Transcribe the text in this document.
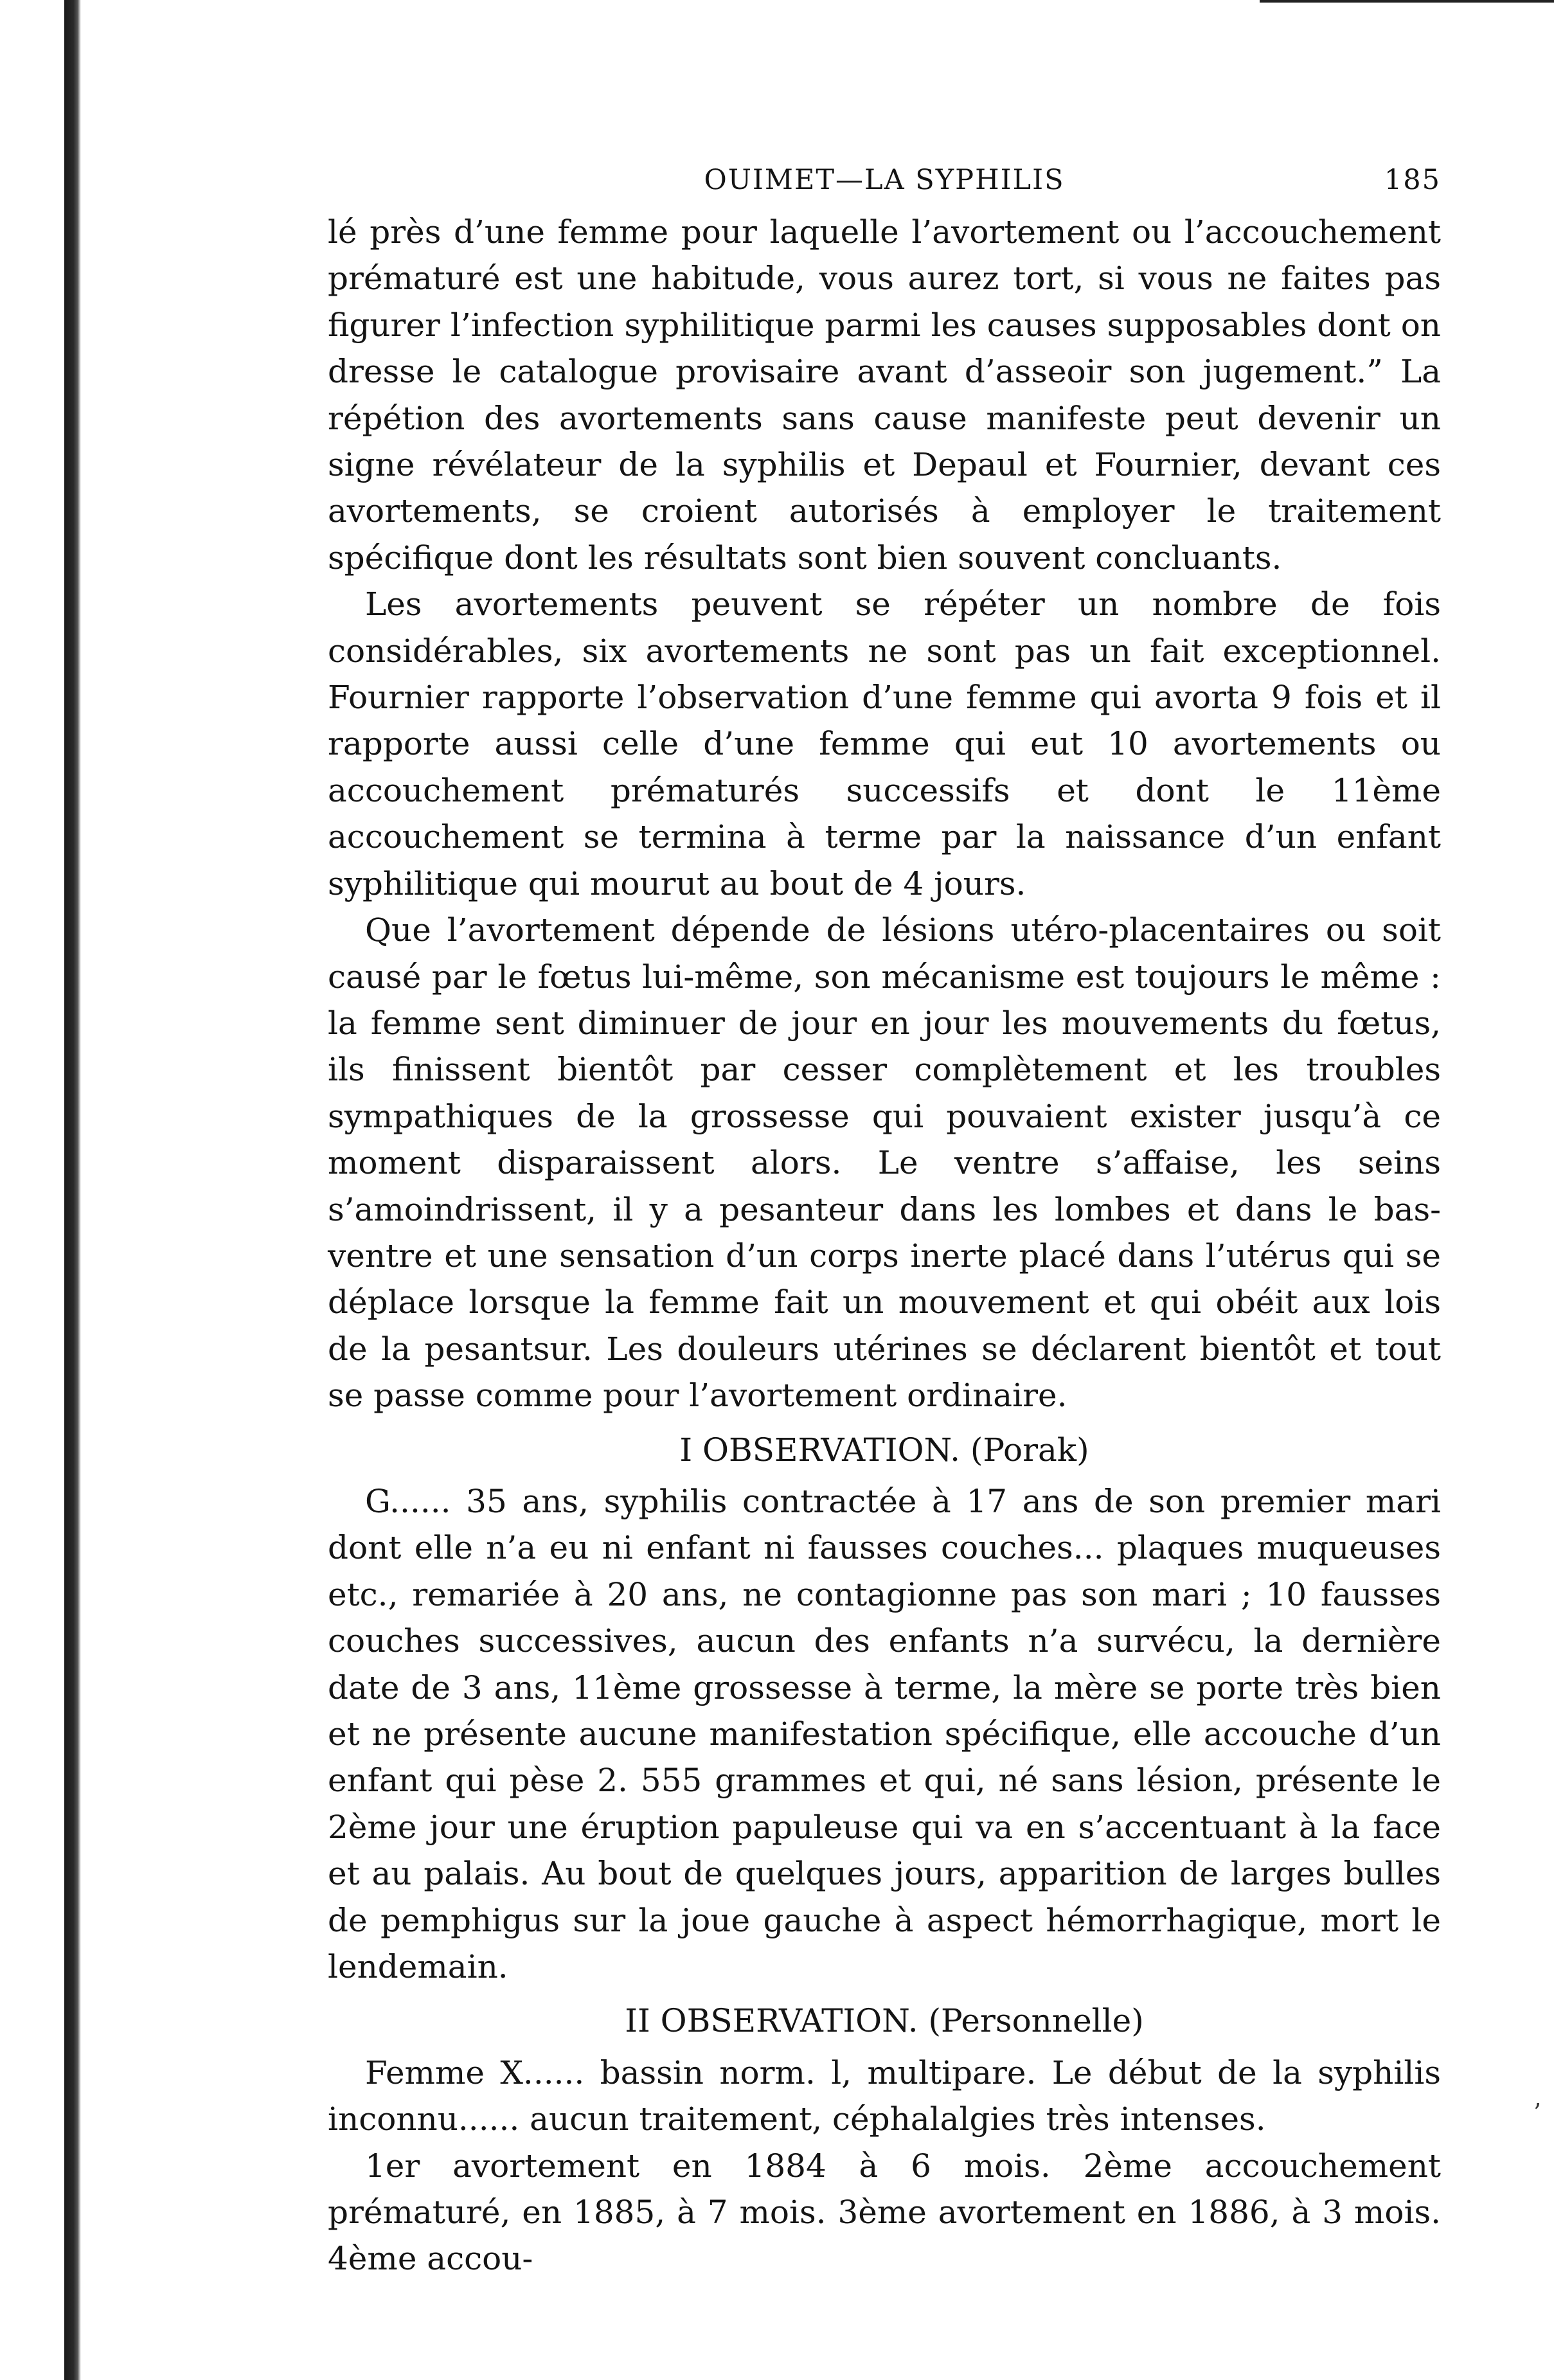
OUIMET—LA SYPHILIS	185

lé près d’une femme pour laquelle l’avortement ou l’accouchement prématuré est une habitude, vous aurez tort, si vous ne faites pas figurer l’infection syphilitique parmi les causes supposables dont on dresse le catalogue provisaire avant d’asseoir son jugement.” La répétion des avortements sans cause manifeste peut devenir un signe révélateur de la syphilis et Depaul et Fournier, devant ces avortements, se croient autorisés à employer le traitement spécifique dont les résultats sont bien souvent concluants.

Les avortements peuvent se répéter un nombre de fois considérables, six avortements ne sont pas un fait exceptionnel. Fournier rapporte l’observation d’une femme qui avorta 9 fois et il rapporte aussi celle d’une femme qui eut 10 avortements ou accouchement prématurés successifs et dont le 11ème accouchement se termina à terme par la naissance d’un enfant syphilitique qui mourut au bout de 4 jours.

Que l’avortement dépende de lésions utéro-placentaires ou soit causé par le fœtus lui-même, son mécanisme est toujours le même : la femme sent diminuer de jour en jour les mouvements du fœtus, ils finissent bientôt par cesser complètement et les troubles sympathiques de la grossesse qui pouvaient exister jusqu’à ce moment disparaissent alors. Le ventre s’affaise, les seins s’amoindrissent, il y a pesanteur dans les lombes et dans le bas-ventre et une sensation d’un corps inerte placé dans l’utérus qui se déplace lorsque la femme fait un mouvement et qui obéit aux lois de la pesantsur. Les douleurs utérines se déclarent bientôt et tout se passe comme pour l’avortement ordinaire.

I OBSERVATION. (Porak)

G...... 35 ans, syphilis contractée à 17 ans de son premier mari dont elle n’a eu ni enfant ni fausses couches... plaques muqueuses etc., remariée à 20 ans, ne contagionne pas son mari ; 10 fausses couches successives, aucun des enfants n’a survécu, la dernière date de 3 ans, 11ème grossesse à terme, la mère se porte très bien et ne présente aucune manifestation spécifique, elle accouche d’un enfant qui pèse 2. 555 grammes et qui, né sans lésion, présente le 2ème jour une éruption papuleuse qui va en s’accentuant à la face et au palais. Au bout de quelques jours, apparition de larges bulles de pemphigus sur la joue gauche à aspect hémorrhagique, mort le lendemain.

II OBSERVATION. (Personnelle)

Femme X...... bassin norm. l, multipare. Le début de la syphilis inconnu...... aucun traitement, céphalalgies très intenses.

1er avortement en 1884 à 6 mois. 2ème accouchement prématuré, en 1885, à 7 mois. 3ème avortement en 1886, à 3 mois. 4ème accou-

’
